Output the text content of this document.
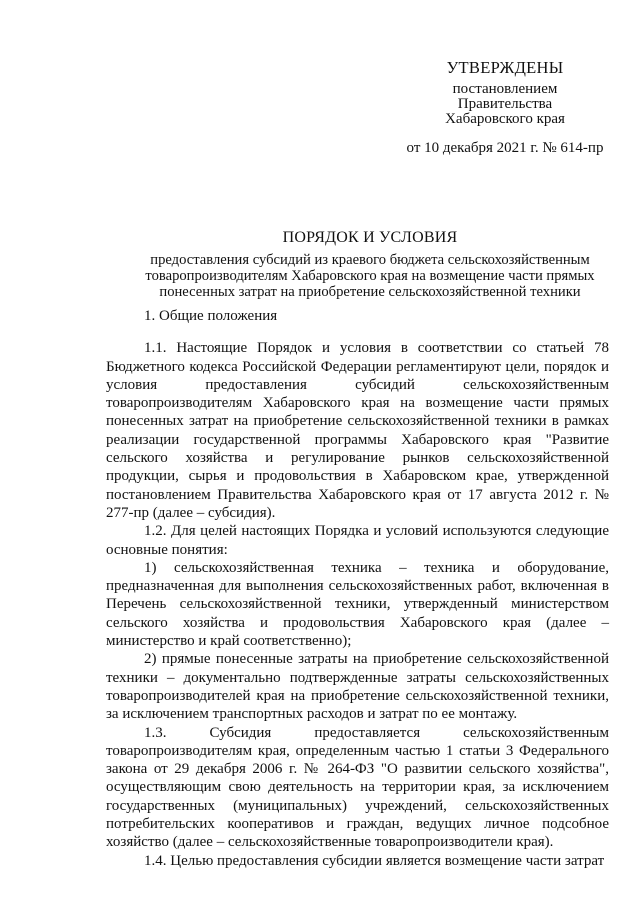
УТВЕРЖДЕНЫ
постановлением
Правительства
Хабаровского края
от 10 декабря 2021 г. № 614-пр
ПОРЯДОК И УСЛОВИЯ
предоставления субсидий из краевого бюджета сельскохозяйственным
товаропроизводителям Хабаровского края на возмещение части прямых
понесенных затрат на приобретение сельскохозяйственной техники

1. Общие положения

1.1. Настоящие Порядок и условия в соответствии со статьей 78 Бюджетного кодекса Российской Федерации регламентируют цели, порядок и условия предоставления субсидий сельскохозяйственным товаропроизводителям Хабаровского края на возмещение части прямых понесенных затрат на приобретение сельскохозяйственной техники в рамках реализации государственной программы Хабаровского края "Развитие сельского хозяйства и регулирование рынков сельскохозяйственной продукции, сырья и продовольствия в Хабаровском крае, утвержденной постановлением Правительства Хабаровского края от 17 августа 2012 г. № 277-пр (далее – субсидия).

1.2. Для целей настоящих Порядка и условий используются следующие основные понятия:

1) сельскохозяйственная техника – техника и оборудование, предназначенная для выполнения сельскохозяйственных работ, включенная в Перечень сельскохозяйственной техники, утвержденный министерством сельского хозяйства и продовольствия Хабаровского края (далее – министерство и край соответственно);

2) прямые понесенные затраты на приобретение сельскохозяйственной техники – документально подтвержденные затраты сельскохозяйственных товаропроизводителей края на приобретение сельскохозяйственной техники, за исключением транспортных расходов и затрат по ее монтажу.

1.3. Субсидия предоставляется сельскохозяйственным товаропроизводителям края, определенным частью 1 статьи 3 Федерального закона от 29 декабря 2006 г. № 264-ФЗ "О развитии сельского хозяйства", осуществляющим свою деятельность на территории края, за исключением государственных (муниципальных) учреждений, сельскохозяйственных потребительских кооперативов и граждан, ведущих личное подсобное хозяйство (далее – сельскохозяйственные товаропроизводители края).

1.4. Целью предоставления субсидии является возмещение части затрат
